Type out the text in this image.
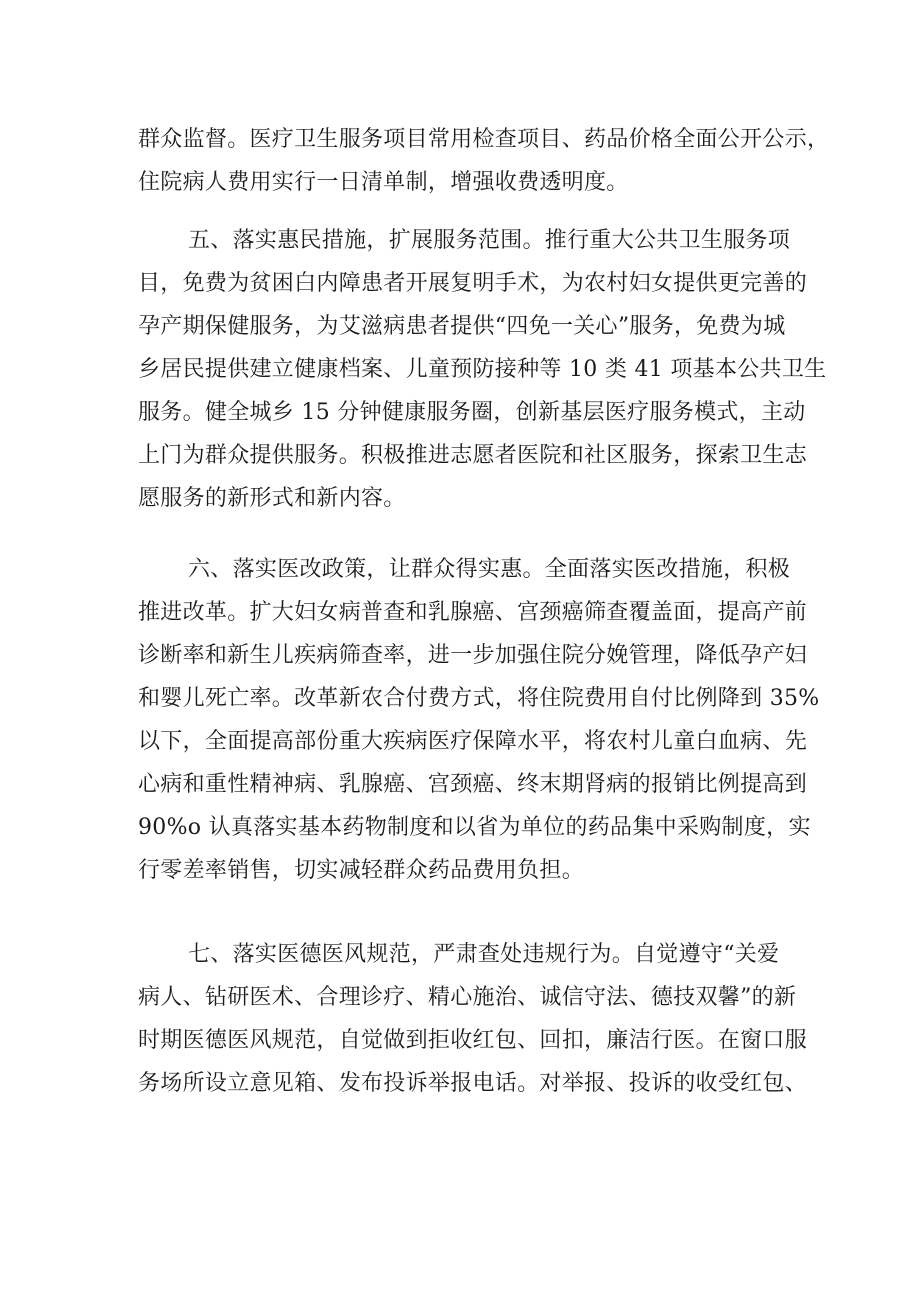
群众监督。医疗卫生服务项目常用检查项目、药品价格全面公开公示，
住院病人费用实行一日清单制，增强收费透明度。
五、落实惠民措施，扩展服务范围。推行重大公共卫生服务项
目，免费为贫困白内障患者开展复明手术，为农村妇女提供更完善的
孕产期保健服务，为艾滋病患者提供“四免一关心”服务，免费为城
乡居民提供建立健康档案、儿童预防接种等 10 类 41 项基本公共卫生
服务。健全城乡 15 分钟健康服务圈，创新基层医疗服务模式，主动
上门为群众提供服务。积极推进志愿者医院和社区服务，探索卫生志
愿服务的新形式和新内容。
六、落实医改政策，让群众得实惠。全面落实医改措施，积极
推进改革。扩大妇女病普查和乳腺癌、宫颈癌筛查覆盖面，提高产前
诊断率和新生儿疾病筛查率，进一步加强住院分娩管理，降低孕产妇
和婴儿死亡率。改革新农合付费方式，将住院费用自付比例降到 35%
以下，全面提高部份重大疾病医疗保障水平，将农村儿童白血病、先
心病和重性精神病、乳腺癌、宫颈癌、终末期肾病的报销比例提高到
90%o 认真落实基本药物制度和以省为单位的药品集中采购制度，实
行零差率销售，切实减轻群众药品费用负担。
七、落实医德医风规范，严肃查处违规行为。自觉遵守“关爱
病人、钻研医术、合理诊疗、精心施治、诚信守法、德技双馨”的新
时期医德医风规范，自觉做到拒收红包、回扣，廉洁行医。在窗口服
务场所设立意见箱、发布投诉举报电话。对举报、投诉的收受红包、
